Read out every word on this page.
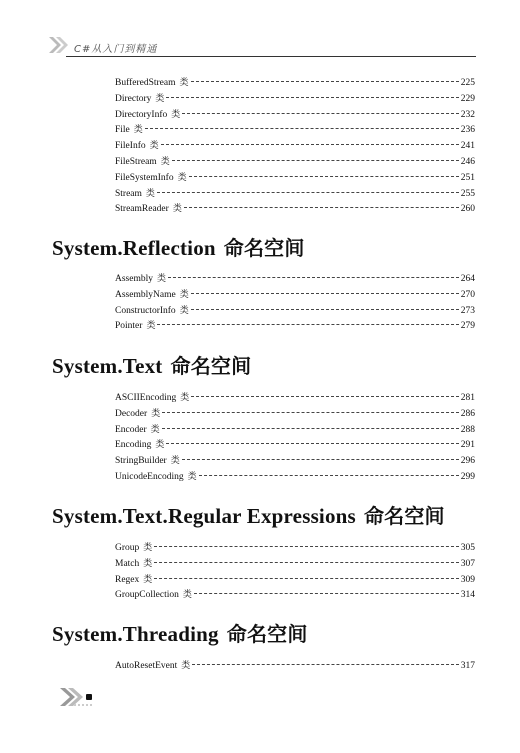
C#从入门到精通
BufferedStream 类	225
Directory 类	229
DirectoryInfo 类	232
File 类	236
FileInfo 类	241
FileStream 类	246
FileSystemInfo 类	251
Stream 类	255
StreamReader 类	260
System.Reflection 命名空间
Assembly 类	264
AssemblyName 类	270
ConstructorInfo 类	273
Pointer 类	279
System.Text 命名空间
ASCIIEncoding 类	281
Decoder 类	286
Encoder 类	288
Encoding 类	291
StringBuilder 类	296
UnicodeEncoding 类	299
System.Text.Regular Expressions 命名空间
Group 类	305
Match 类	307
Regex 类	309
GroupCollection 类	314
System.Threading 命名空间
AutoResetEvent 类	317
